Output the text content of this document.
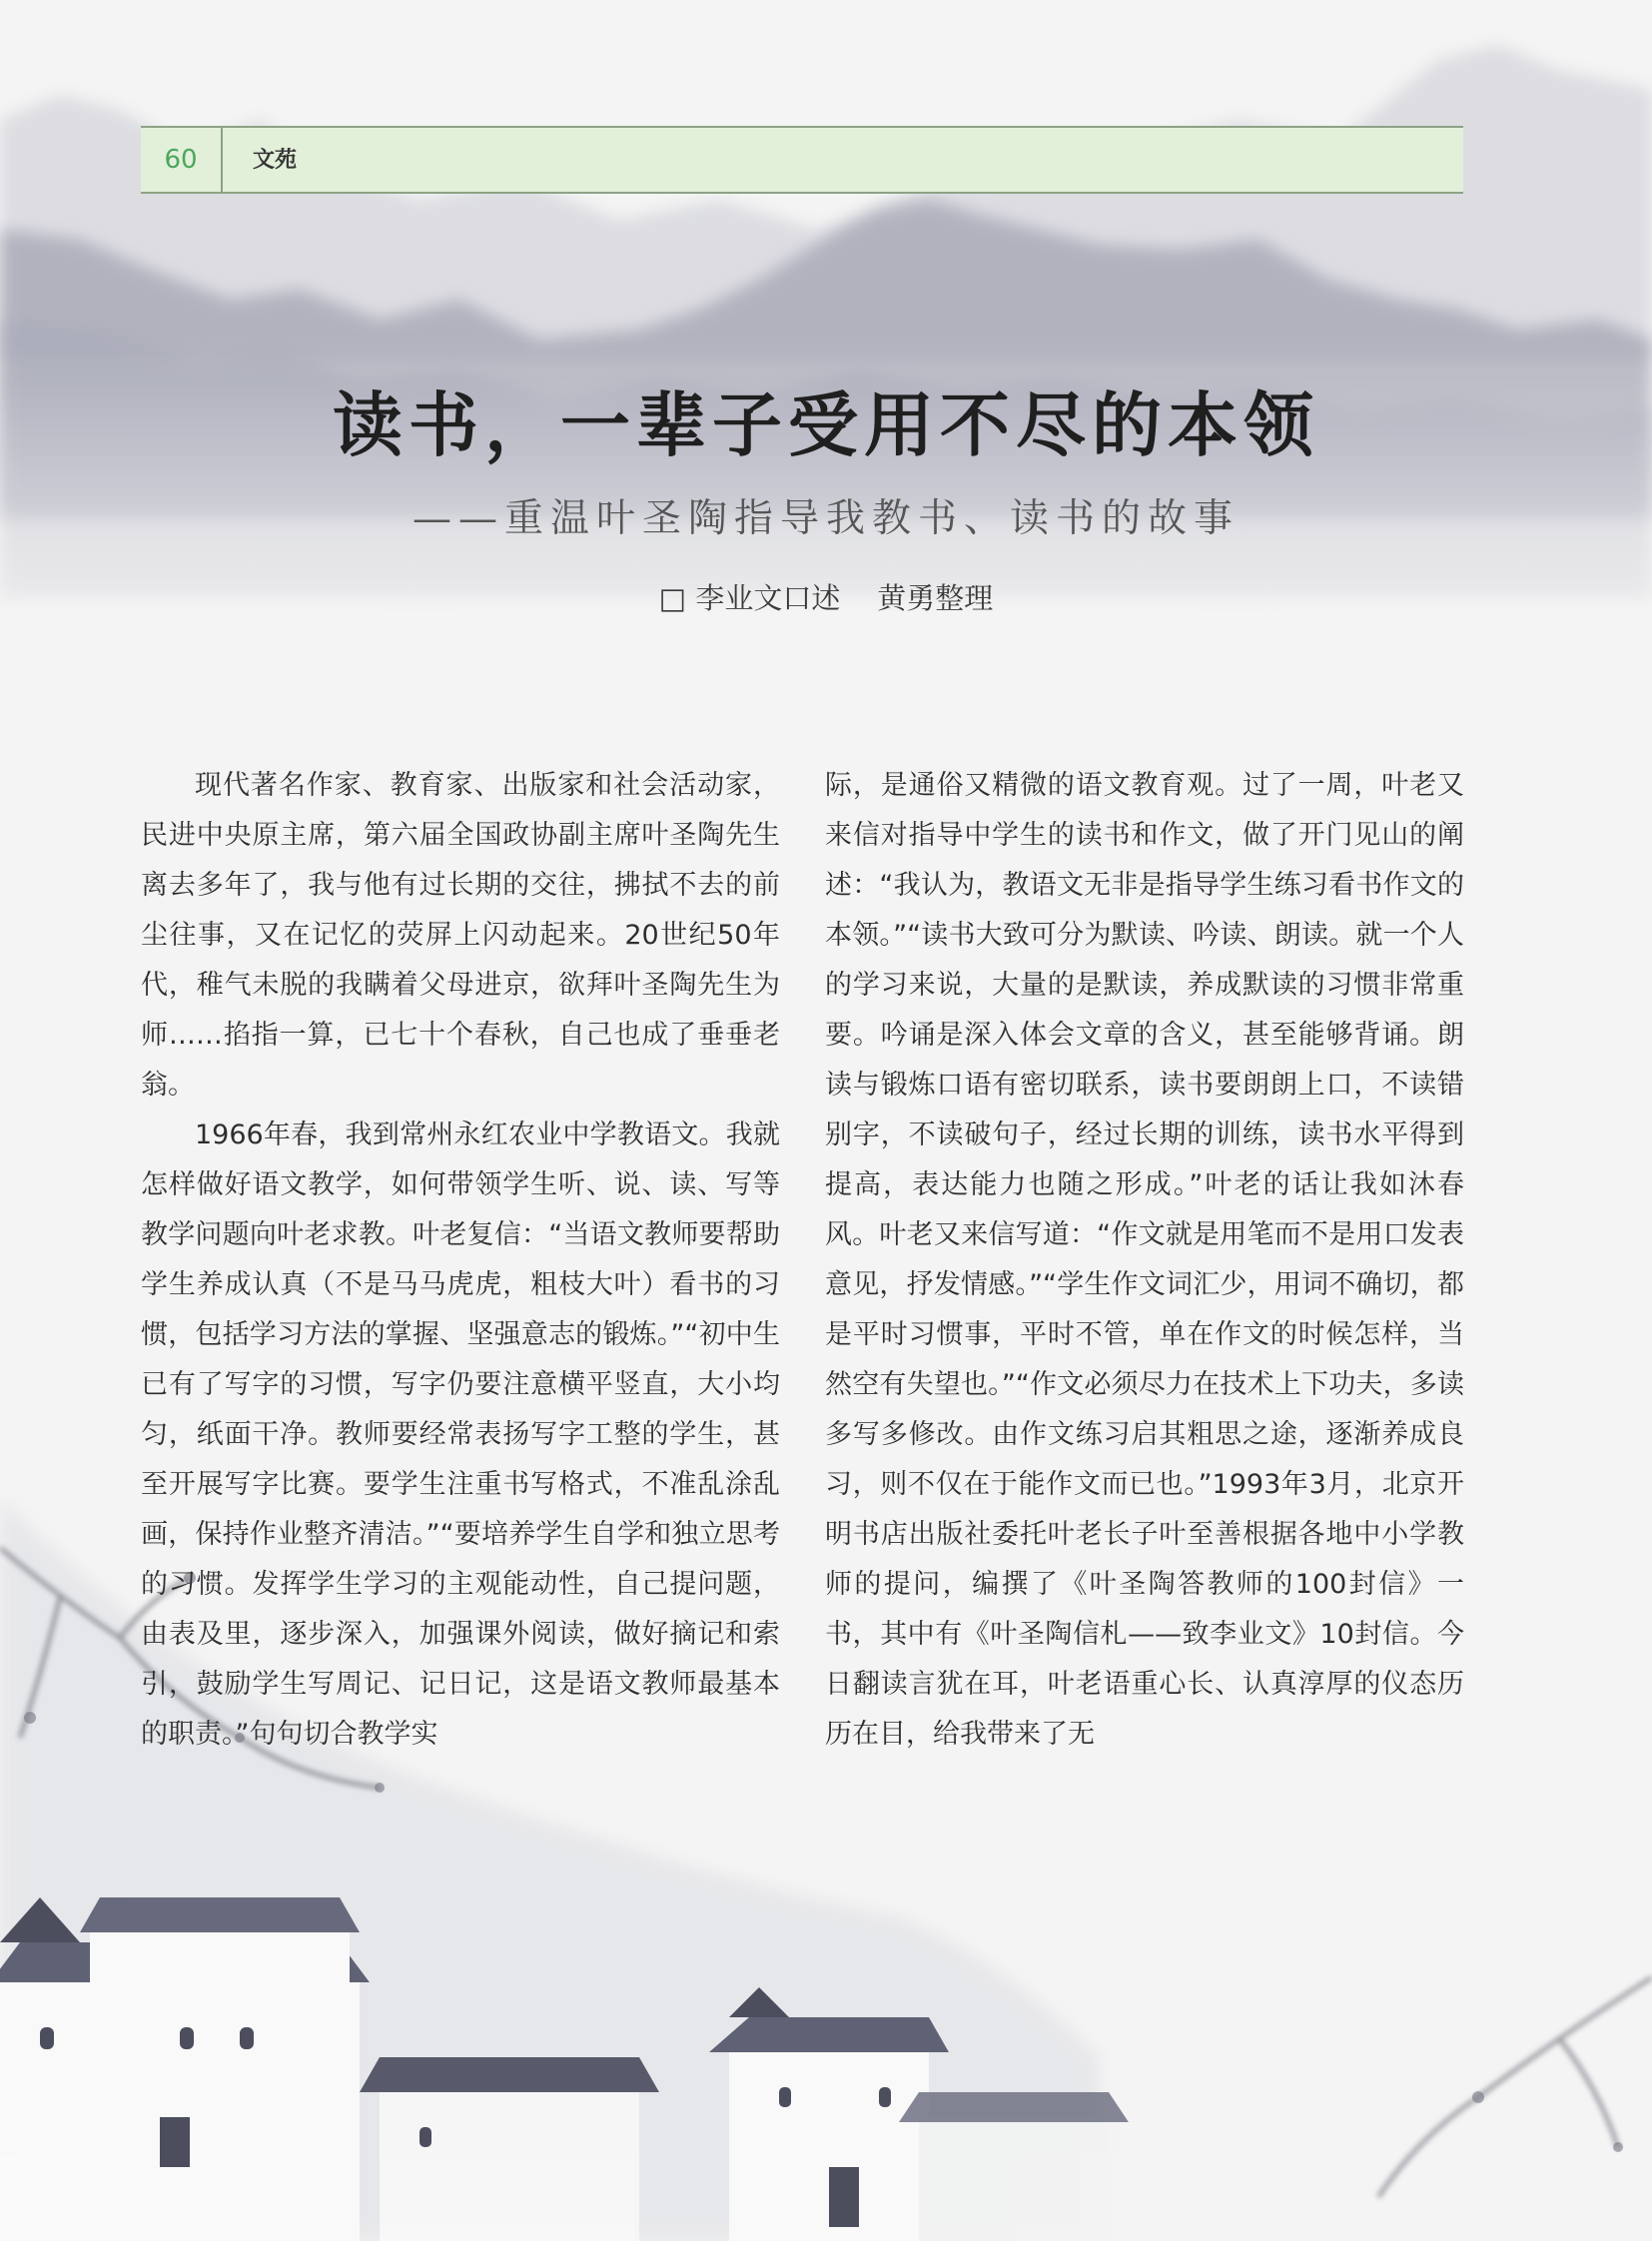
60	文苑
读书，一辈子受用不尽的本领
——重温叶圣陶指导我教书、读书的故事
□ 李业文口述    黄勇整理

现代著名作家、教育家、出版家和社会活动家，民进中央原主席，第六届全国政协副主席叶圣陶先生离去多年了，我与他有过长期的交往，拂拭不去的前尘往事，又在记忆的荧屏上闪动起来。20世纪50年代，稚气未脱的我瞒着父母进京，欲拜叶圣陶先生为师……掐指一算，已七十个春秋，自己也成了垂垂老翁。

1966年春，我到常州永红农业中学教语文。我就怎样做好语文教学，如何带领学生听、说、读、写等教学问题向叶老求教。叶老复信：“当语文教师要帮助学生养成认真（不是马马虎虎，粗枝大叶）看书的习惯，包括学习方法的掌握、坚强意志的锻炼。”“初中生已有了写字的习惯，写字仍要注意横平竖直，大小均匀，纸面干净。教师要经常表扬写字工整的学生，甚至开展写字比赛。要学生注重书写格式，不准乱涂乱画，保持作业整齐清洁。”“要培养学生自学和独立思考的习惯。发挥学生学习的主观能动性，自己提问题，由表及里，逐步深入，加强课外阅读，做好摘记和索引，鼓励学生写周记、记日记，这是语文教师最基本的职责。”句句切合教学实

际，是通俗又精微的语文教育观。过了一周，叶老又来信对指导中学生的读书和作文，做了开门见山的阐述：“我认为，教语文无非是指导学生练习看书作文的本领。”“读书大致可分为默读、吟读、朗读。就一个人的学习来说，大量的是默读，养成默读的习惯非常重要。吟诵是深入体会文章的含义，甚至能够背诵。朗读与锻炼口语有密切联系，读书要朗朗上口，不读错别字，不读破句子，经过长期的训练，读书水平得到提高，表达能力也随之形成。”叶老的话让我如沐春风。叶老又来信写道：“作文就是用笔而不是用口发表意见，抒发情感。”“学生作文词汇少，用词不确切，都是平时习惯事，平时不管，单在作文的时候怎样，当然空有失望也。”“作文必须尽力在技术上下功夫，多读多写多修改。由作文练习启其粗思之途，逐渐养成良习，则不仅在于能作文而已也。”1993年3月，北京开明书店出版社委托叶老长子叶至善根据各地中小学教师的提问，编撰了《叶圣陶答教师的100封信》一书，其中有《叶圣陶信札——致李业文》10封信。今日翻读言犹在耳，叶老语重心长、认真淳厚的仪态历历在目，给我带来了无
